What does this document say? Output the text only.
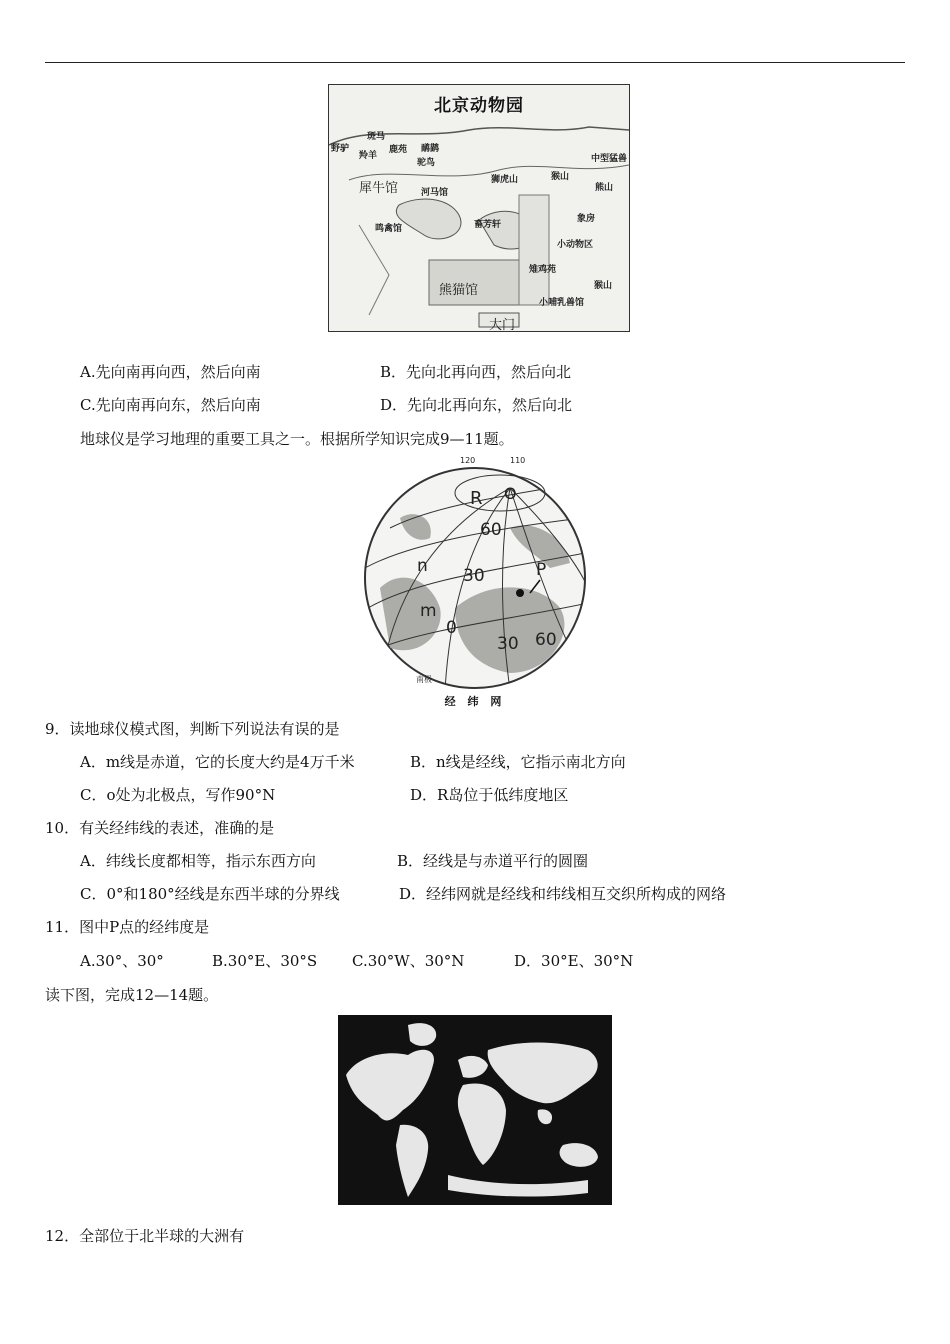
北京动物园
野驴
斑马
羚羊
鹿苑 鸸鹋
驼鸟
犀牛馆	河马馆
狮虎山	猴山
中型猛兽
熊山
鸣禽馆	畜芳轩
象房
小动物区
雉鸡苑
熊猫馆	猴山
小哺乳兽馆
大门
A.先向南再向西，然后向南	B．先向北再向西，然后向北
C.先向南再向东，然后向南	D．先向北再向东，然后向北
地球仪是学习地理的重要工具之一。根据所学知识完成9—11题。
120	110
R O
60
n 30	P
m
0
30 60
南极
经 纬 网
9．读地球仪模式图，判断下列说法有误的是
A．m线是赤道，它的长度大约是4万千米	B．n线是经线，它指示南北方向
C．o处为北极点，写作90°N	D．R岛位于低纬度地区
10．有关经纬线的表述，准确的是
A．纬线长度都相等，指示东西方向	B．经线是与赤道平行的圆圈
C．0°和180°经线是东西半球的分界线	D．经纬网就是经线和纬线相互交织所构成的网络
11．图中P点的经纬度是
A.30°、30°	B.30°E、30°S C.30°W、30°N	D．30°E、30°N
读下图，完成12—14题。
12．全部位于北半球的大洲有
